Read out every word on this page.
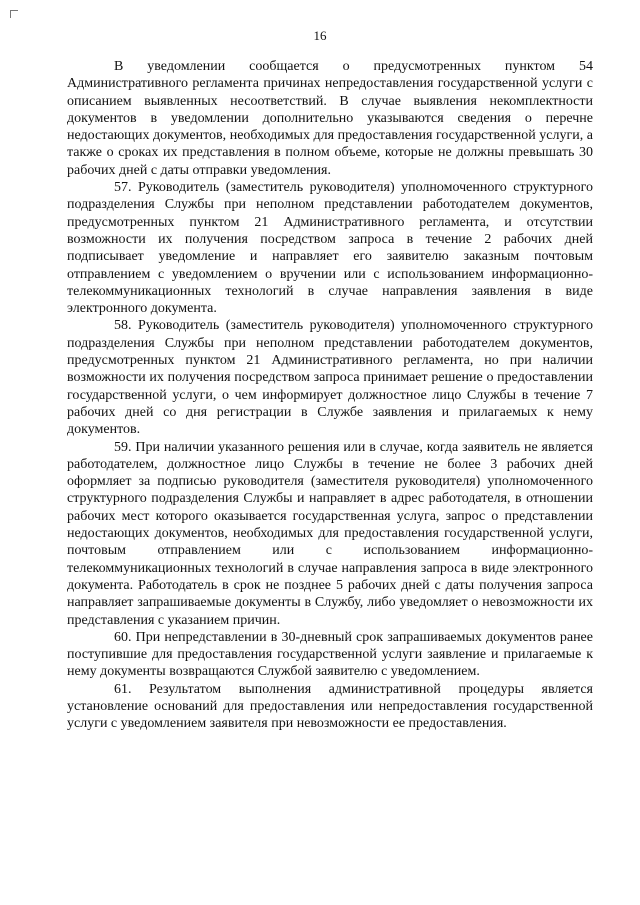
16

В уведомлении сообщается о предусмотренных пунктом 54 Административного регламента причинах непредоставления государственной услуги с описанием выявленных несоответствий. В случае выявления некомплектности документов в уведомлении дополнительно указываются сведения о перечне недостающих документов, необходимых для предоставления государственной услуги, а также о сроках их представления в полном объеме, которые не должны превышать 30 рабочих дней с даты отправки уведомления.

57. Руководитель (заместитель руководителя) уполномоченного структурного подразделения Службы при неполном представлении работодателем документов, предусмотренных пунктом 21 Административного регламента, и отсутствии возможности их получения посредством запроса в течение 2 рабочих дней подписывает уведомление и направляет его заявителю заказным почтовым отправлением с уведомлением о вручении или с использованием информационно-телекоммуникационных технологий в случае направления заявления в виде электронного документа.

58. Руководитель (заместитель руководителя) уполномоченного структурного подразделения Службы при неполном представлении работодателем документов, предусмотренных пунктом 21 Административного регламента, но при наличии возможности их получения посредством запроса принимает решение о предоставлении государственной услуги, о чем информирует должностное лицо Службы в течение 7 рабочих дней со дня регистрации в Службе заявления и прилагаемых к нему документов.

59. При наличии указанного решения или в случае, когда заявитель не является работодателем, должностное лицо Службы в течение не более 3 рабочих дней оформляет за подписью руководителя (заместителя руководителя) уполномоченного структурного подразделения Службы и направляет в адрес работодателя, в отношении рабочих мест которого оказывается государственная услуга, запрос о представлении недостающих документов, необходимых для предоставления государственной услуги, почтовым отправлением или с использованием информационно-телекоммуникационных технологий в случае направления запроса в виде электронного документа. Работодатель в срок не позднее 5 рабочих дней с даты получения запроса направляет запрашиваемые документы в Службу, либо уведомляет о невозможности их представления с указанием причин.

60. При непредставлении в 30-дневный срок запрашиваемых документов ранее поступившие для предоставления государственной услуги заявление и прилагаемые к нему документы возвращаются Службой заявителю с уведомлением.

61. Результатом выполнения административной процедуры является установление оснований для предоставления или непредоставления государственной услуги с уведомлением заявителя при невозможности ее предоставления.
